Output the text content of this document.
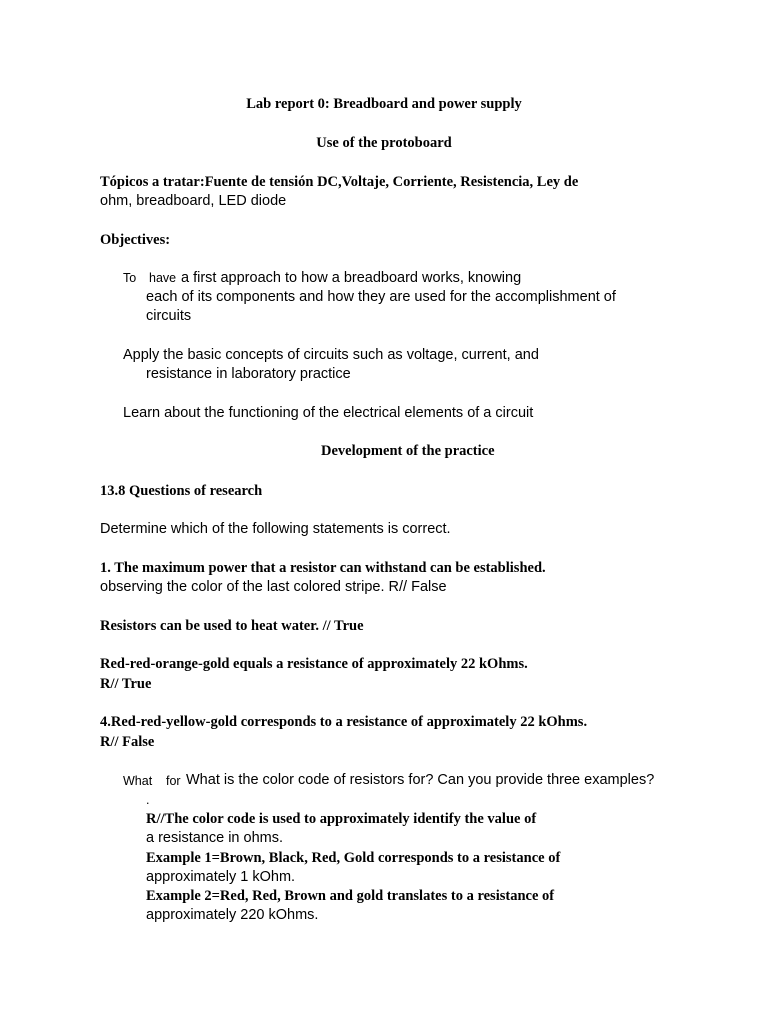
Lab report 0: Breadboard and power supply
Use of the protoboard
Tópicos a tratar:Fuente de tensión DC,Voltaje, Corriente, Resistencia, Ley de
ohm, breadboard, LED diode
Objectives:
To have a first approach to how a breadboard works, knowing
each of its components and how they are used for the accomplishment of
circuits
Apply the basic concepts of circuits such as voltage, current, and
resistance in laboratory practice
Learn about the functioning of the electrical elements of a circuit
Development of the practice
13.8 Questions of research
Determine which of the following statements is correct.
1. The maximum power that a resistor can withstand can be established.
observing the color of the last colored stripe. R// False
Resistors can be used to heat water. // True
Red-red-orange-gold equals a resistance of approximately 22 kOhms.
R// True
4.Red-red-yellow-gold corresponds to a resistance of approximately 22 kOhms.
R// False
What for What is the color code of resistors for? Can you provide three examples?
.
R//The color code is used to approximately identify the value of
a resistance in ohms.
Example 1=Brown, Black, Red, Gold corresponds to a resistance of
approximately 1 kOhm.
Example 2=Red, Red, Brown and gold translates to a resistance of
approximately 220 kOhms.
